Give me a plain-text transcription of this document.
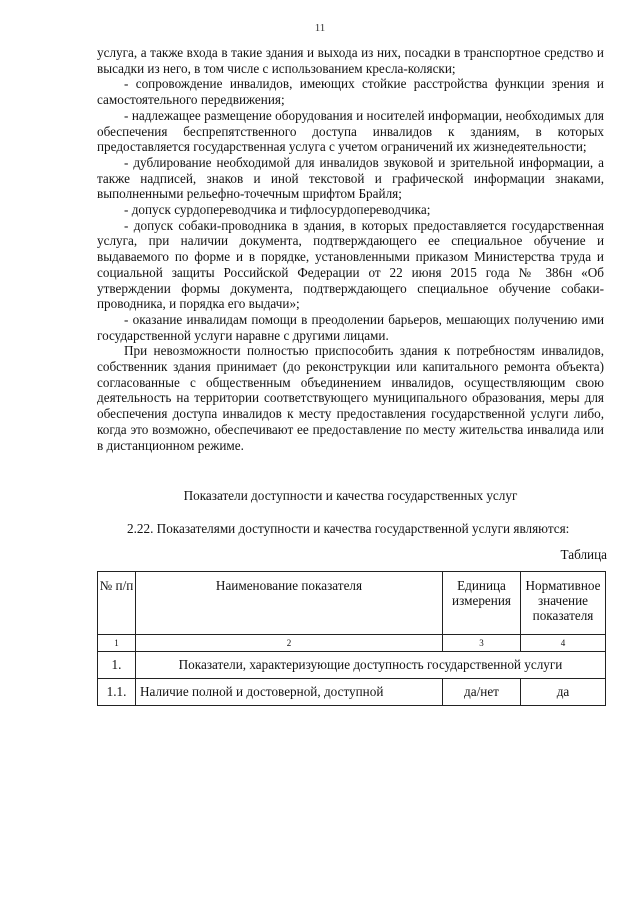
11

услуга, а также входа в такие здания и выхода из них, посадки в транспортное средство и высадки из него, в том числе с использованием кресла-коляски;

- сопровождение инвалидов, имеющих стойкие расстройства функции зрения и самостоятельного передвижения;

- надлежащее размещение оборудования и носителей информации, необходимых для обеспечения беспрепятственного доступа инвалидов к зданиям, в которых предоставляется государственная услуга с учетом ограничений их жизнедеятельности;

- дублирование необходимой для инвалидов звуковой и зрительной информации, а также надписей, знаков и иной текстовой и графической информации знаками, выполненными рельефно-точечным шрифтом Брайля;

- допуск сурдопереводчика и тифлосурдопереводчика;

- допуск собаки-проводника в здания, в которых предоставляется государственная услуга, при наличии документа, подтверждающего ее специальное обучение и выдаваемого по форме и в порядке, установленными приказом Министерства труда и социальной защиты Российской Федерации от 22 июня 2015 года № 386н «Об утверждении формы документа, подтверждающего специальное обучение собаки-проводника, и порядка его выдачи»;

- оказание инвалидам помощи в преодолении барьеров, мешающих получению ими государственной услуги наравне с другими лицами.

При невозможности полностью приспособить здания к потребностям инвалидов, собственник здания принимает (до реконструкции или капитального ремонта объекта) согласованные с общественным объединением инвалидов, осуществляющим свою деятельность на территории соответствующего муниципального образования, меры для обеспечения доступа инвалидов к месту предоставления государственной услуги либо, когда это возможно, обеспечивают ее предоставление по месту жительства инвалида или в дистанционном режиме.

Показатели доступности и качества государственных услуг
2.22. Показателями доступности и качества государственной услуги являются:
Таблица
№ п/п	Наименование показателя	Единица измерения	Нормативное значение показателя
1	2	3	4
1.	Показатели, характеризующие доступность государственной услуги		
1.1.	Наличие полной и достоверной, доступной	да/нет	да
